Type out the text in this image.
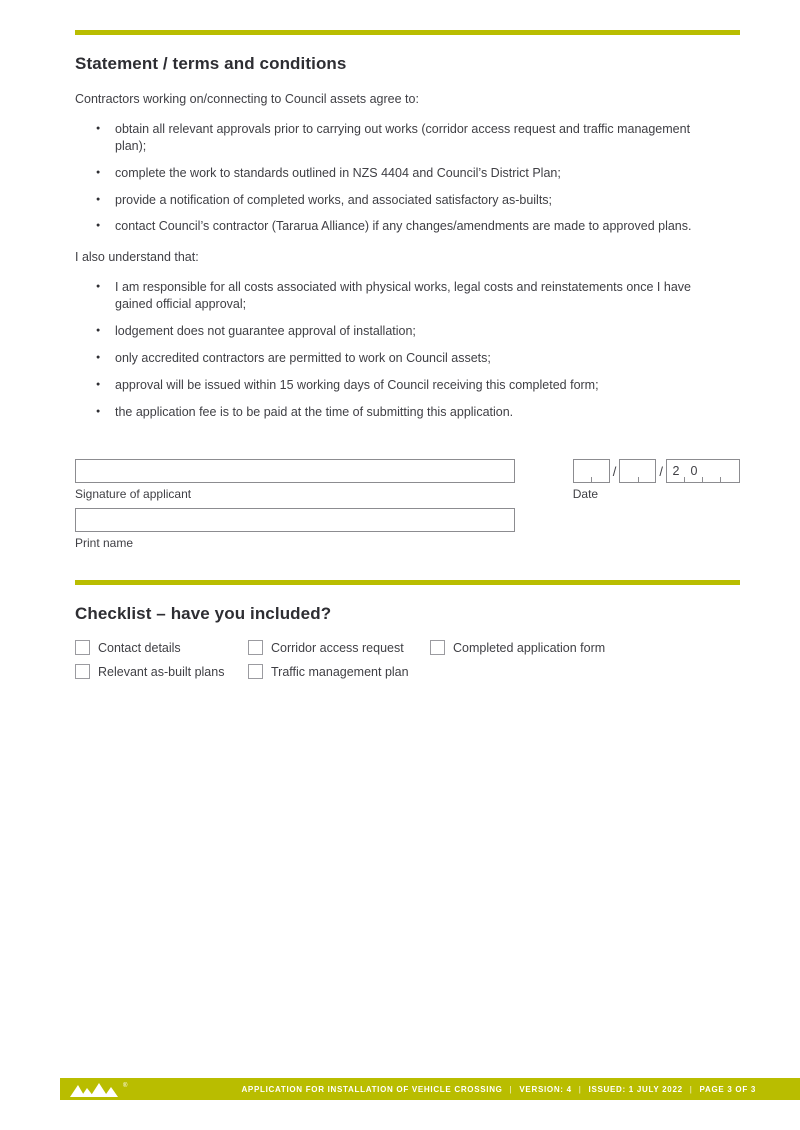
Statement / terms and conditions

Contractors working on/connecting to Council assets agree to:

● obtain all relevant approvals prior to carrying out works (corridor access request and traffic management plan);
● complete the work to standards outlined in NZS 4404 and Council’s District Plan;
● provide a notification of completed works, and associated satisfactory as-builts;
● contact Council’s contractor (Tararua Alliance) if any changes/amendments are made to approved plans.

I also understand that:

● I am responsible for all costs associated with physical works, legal costs and reinstatements once I have gained official approval;
● lodgement does not guarantee approval of installation;
● only accredited contractors are permitted to work on Council assets;
● approval will be issued within 15 working days of Council receiving this completed form;
● the application fee is to be paid at the time of submitting this application.
Signature of applicant
Print name
/	/ 2 0
Date
Checklist – have you included?
Contact details	Corridor access request	Completed application form
Relevant as-built plans	Traffic management plan
®	APPLICATION FOR INSTALLATION OF VEHICLE CROSSING | VERSION: 4 | ISSUED: 1 JULY 2022 | PAGE 3 OF 3
